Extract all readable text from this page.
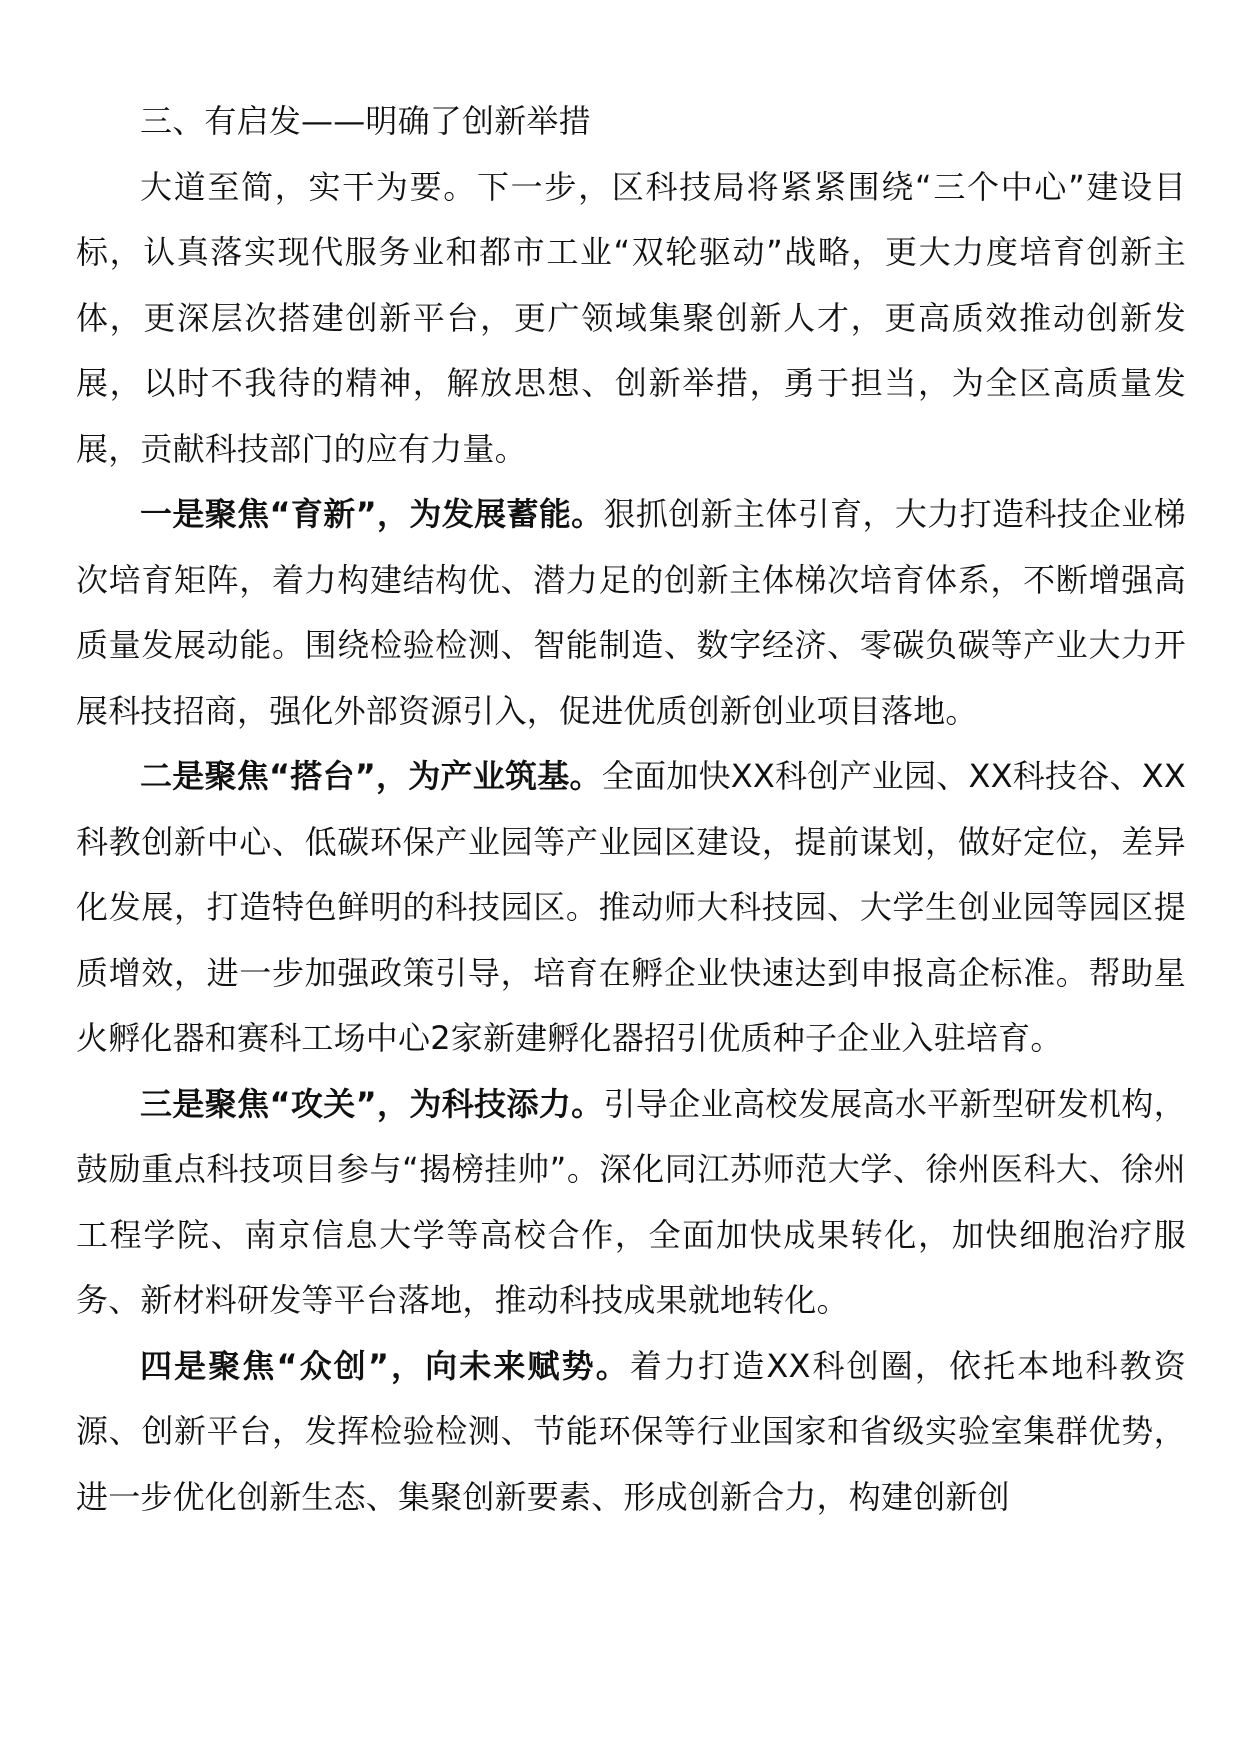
三、有启发——明确了创新举措

大道至简，实干为要。下一步，区科技局将紧紧围绕“三个中心”建设目标，认真落实现代服务业和都市工业“双轮驱动”战略，更大力度培育创新主体，更深层次搭建创新平台，更广领域集聚创新人才，更高质效推动创新发展，以时不我待的精神，解放思想、创新举措，勇于担当，为全区高质量发展，贡献科技部门的应有力量。

一是聚焦“育新”，为发展蓄能。狠抓创新主体引育，大力打造科技企业梯次培育矩阵，着力构建结构优、潜力足的创新主体梯次培育体系，不断增强高质量发展动能。围绕检验检测、智能制造、数字经济、零碳负碳等产业大力开展科技招商，强化外部资源引入，促进优质创新创业项目落地。

二是聚焦“搭台”，为产业筑基。全面加快XX科创产业园、XX科技谷、XX科教创新中心、低碳环保产业园等产业园区建设，提前谋划，做好定位，差异化发展，打造特色鲜明的科技园区。推动师大科技园、大学生创业园等园区提质增效，进一步加强政策引导，培育在孵企业快速达到申报高企标准。帮助星火孵化器和赛科工场中心2家新建孵化器招引优质种子企业入驻培育。

三是聚焦“攻关”，为科技添力。引导企业高校发展高水平新型研发机构，鼓励重点科技项目参与“揭榜挂帅”。深化同江苏师范大学、徐州医科大、徐州工程学院、南京信息大学等高校合作，全面加快成果转化，加快细胞治疗服务、新材料研发等平台落地，推动科技成果就地转化。

四是聚焦“众创”，向未来赋势。着力打造XX科创圈，依托本地科教资源、创新平台，发挥检验检测、节能环保等行业国家和省级实验室集群优势，进一步优化创新生态、集聚创新要素、形成创新合力，构建创新创
